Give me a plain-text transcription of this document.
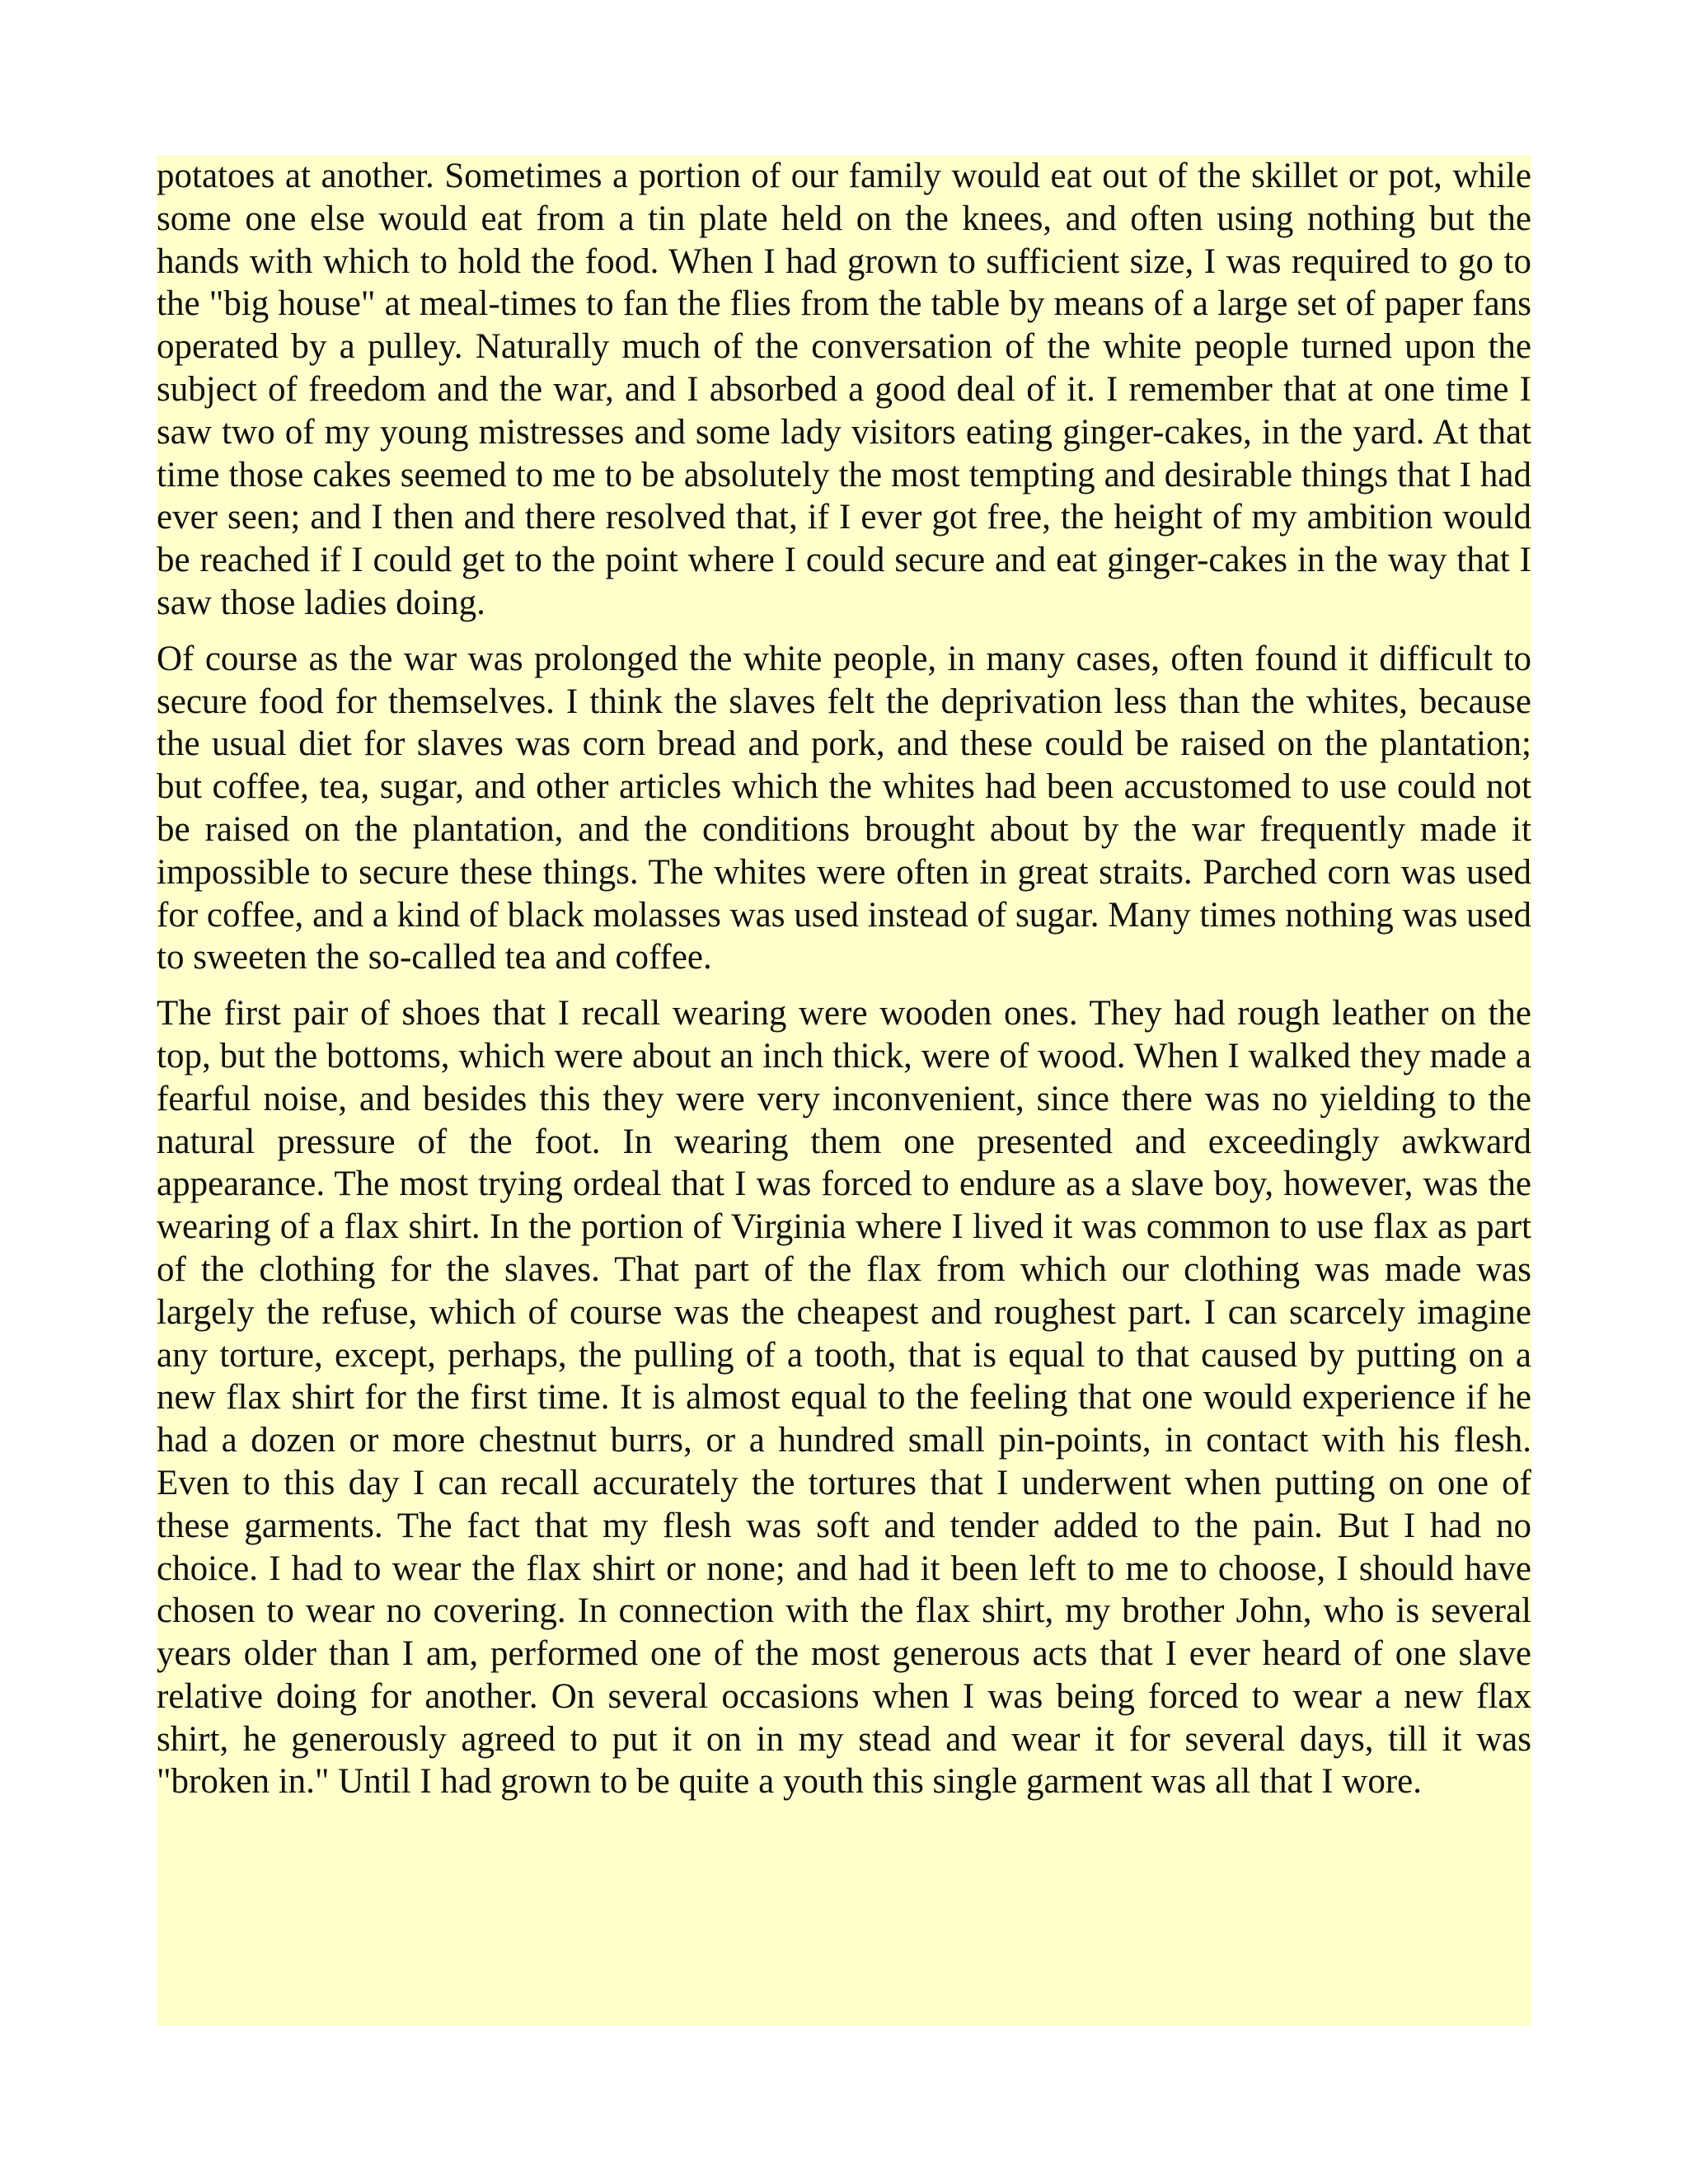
potatoes at another. Sometimes a portion of our family would eat out of the skillet or pot, while some one else would eat from a tin plate held on the knees, and often using nothing but the hands with which to hold the food. When I had grown to sufficient size, I was required to go to the "big house" at meal-times to fan the flies from the table by means of a large set of paper fans operated by a pulley. Naturally much of the conversation of the white people turned upon the subject of freedom and the war, and I absorbed a good deal of it. I remember that at one time I saw two of my young mistresses and some lady visitors eating ginger-cakes, in the yard. At that time those cakes seemed to me to be absolutely the most tempting and desirable things that I had ever seen; and I then and there resolved that, if I ever got free, the height of my ambition would be reached if I could get to the point where I could secure and eat ginger-cakes in the way that I saw those ladies doing.

Of course as the war was prolonged the white people, in many cases, often found it difficult to secure food for themselves. I think the slaves felt the deprivation less than the whites, because the usual diet for slaves was corn bread and pork, and these could be raised on the plantation; but coffee, tea, sugar, and other articles which the whites had been accustomed to use could not be raised on the plantation, and the conditions brought about by the war frequently made it impossible to secure these things. The whites were often in great straits. Parched corn was used for coffee, and a kind of black molasses was used instead of sugar. Many times nothing was used to sweeten the so-called tea and coffee.

The first pair of shoes that I recall wearing were wooden ones. They had rough leather on the top, but the bottoms, which were about an inch thick, were of wood. When I walked they made a fearful noise, and besides this they were very inconvenient, since there was no yielding to the natural pressure of the foot. In wearing them one presented and exceedingly awkward appearance. The most trying ordeal that I was forced to endure as a slave boy, however, was the wearing of a flax shirt. In the portion of Virginia where I lived it was common to use flax as part of the clothing for the slaves. That part of the flax from which our clothing was made was largely the refuse, which of course was the cheapest and roughest part. I can scarcely imagine any torture, except, perhaps, the pulling of a tooth, that is equal to that caused by putting on a new flax shirt for the first time. It is almost equal to the feeling that one would experience if he had a dozen or more chestnut burrs, or a hundred small pin-points, in contact with his flesh. Even to this day I can recall accurately the tortures that I underwent when putting on one of these garments. The fact that my flesh was soft and tender added to the pain. But I had no choice. I had to wear the flax shirt or none; and had it been left to me to choose, I should have chosen to wear no covering. In connection with the flax shirt, my brother John, who is several years older than I am, performed one of the most generous acts that I ever heard of one slave relative doing for another. On several occasions when I was being forced to wear a new flax shirt, he generously agreed to put it on in my stead and wear it for several days, till it was "broken in." Until I had grown to be quite a youth this single garment was all that I wore.
